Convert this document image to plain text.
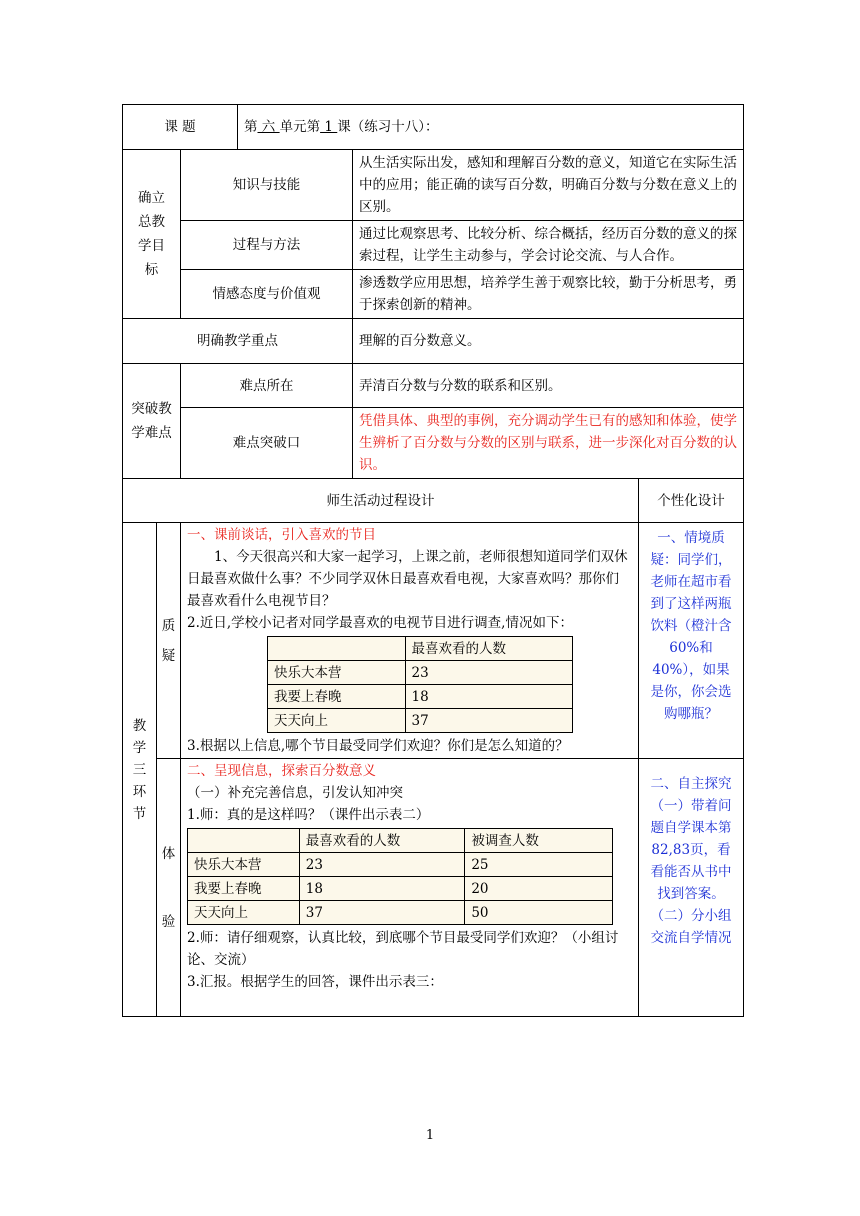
课 题	第 六 单元第 1 课（练习十八）：
确立总教学目标	知识与技能	从生活实际出发，感知和理解百分数的意义，知道它在实际生活中的应用；能正确的读写百分数，明确百分数与分数在意义上的区别。
过程与方法	通过比观察思考、比较分析、综合概括，经历百分数的意义的探索过程，让学生主动参与，学会讨论交流、与人合作。
情感态度与价值观	渗透数学应用思想，培养学生善于观察比较，勤于分析思考，勇于探索创新的精神。
明确教学重点	理解的百分数意义。
突破教学难点	难点所在	弄清百分数与分数的联系和区别。
难点突破口	凭借具体、典型的事例，充分调动学生已有的感知和体验，使学生辨析了百分数与分数的区别与联系，进一步深化对百分数的认识。
师生活动过程设计	个性化设计

教
学
三
环
节

质
疑

一、课前谈话，引入喜欢的节目
1、今天很高兴和大家一起学习，上课之前，老师很想知道同学们双休日最喜欢做什么事？不少同学双休日最喜欢看电视，大家喜欢吗？那你们最喜欢看什么电视节目？
2.近日,学校小记者对同学最喜欢的电视节目进行调查,情况如下：
	最喜欢看的人数
快乐大本营	23
我要上春晚	18
天天向上	37
3.根据以上信息,哪个节目最受同学们欢迎？你们是怎么知道的？
	一、情境质疑：同学们，老师在超市看到了这样两瓶饮料（橙汁含60%和40%），如果是你，你会选购哪瓶？

体
验

二、呈现信息，探索百分数意义
（一）补充完善信息，引发认知冲突
1.师：真的是这样吗？（课件出示表二）
	最喜欢看的人数	被调查人数
快乐大本营	23	25
我要上春晚	18	20
天天向上	37	50
2.师：请仔细观察，认真比较，到底哪个节目最受同学们欢迎？（小组讨论、交流）
3.汇报。根据学生的回答，课件出示表三：
	二、自主探究（一）带着问题自学课本第82,83页，看看能否从书中找到答案。（二）分小组交流自学情况
1
